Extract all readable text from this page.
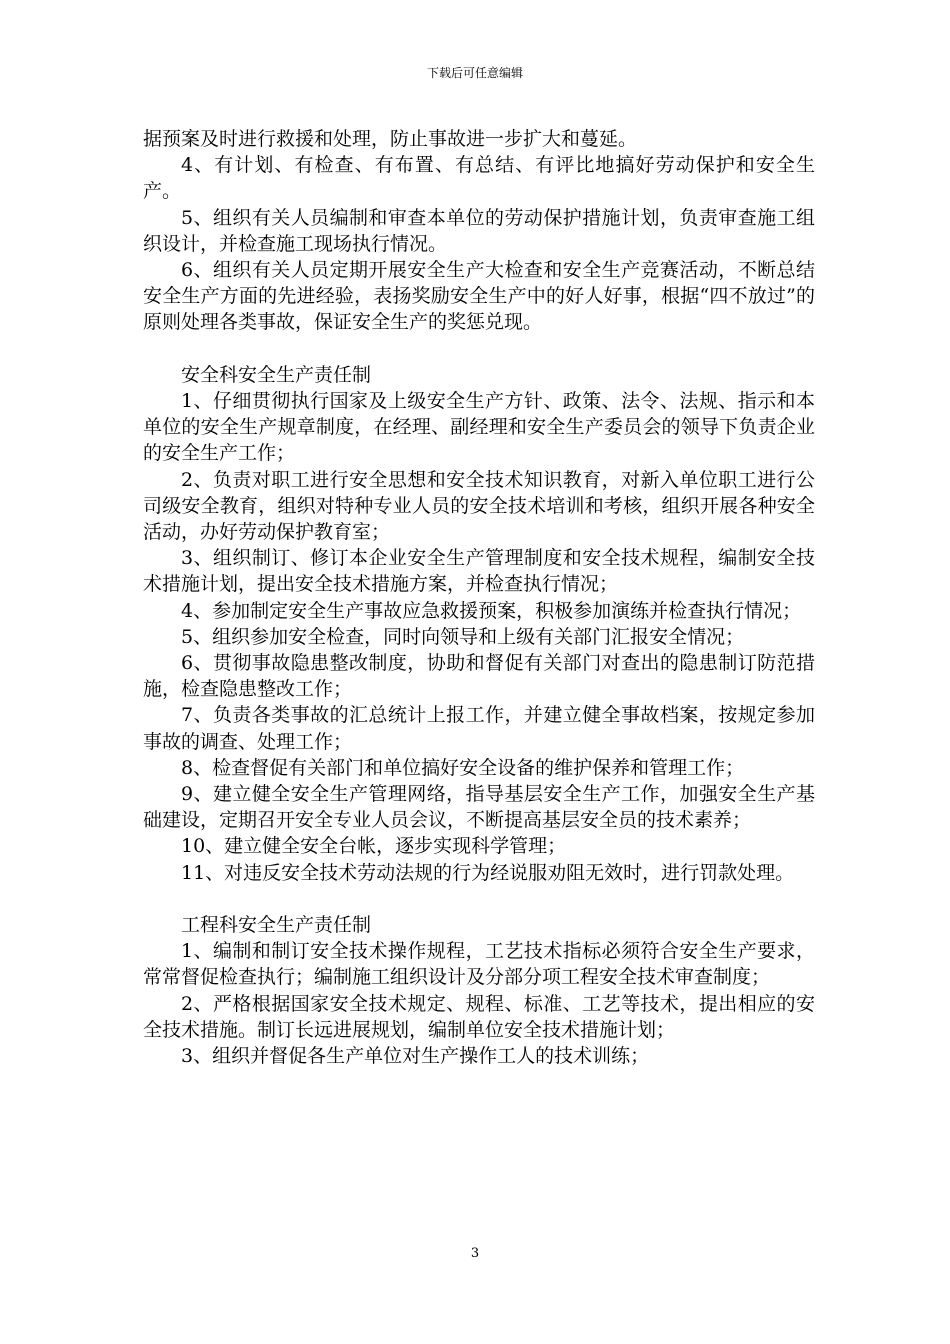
下载后可任意编辑

据预案及时进行救援和处理，防止事故进一步扩大和蔓延。

4、有计划、有检查、有布置、有总结、有评比地搞好劳动保护和安全生产。

5、组织有关人员编制和审查本单位的劳动保护措施计划，负责审查施工组织设计，并检查施工现场执行情况。

6、组织有关人员定期开展安全生产大检查和安全生产竞赛活动，不断总结安全生产方面的先进经验，表扬奖励安全生产中的好人好事，根据“四不放过”的原则处理各类事故，保证安全生产的奖惩兑现。

安全科安全生产责任制

1、仔细贯彻执行国家及上级安全生产方针、政策、法令、法规、指示和本单位的安全生产规章制度，在经理、副经理和安全生产委员会的领导下负责企业的安全生产工作；

2、负责对职工进行安全思想和安全技术知识教育，对新入单位职工进行公司级安全教育，组织对特种专业人员的安全技术培训和考核，组织开展各种安全活动，办好劳动保护教育室；

3、组织制订、修订本企业安全生产管理制度和安全技术规程，编制安全技术措施计划，提出安全技术措施方案，并检查执行情况；

4、参加制定安全生产事故应急救援预案，积极参加演练并检查执行情况；

5、组织参加安全检查，同时向领导和上级有关部门汇报安全情况；

6、贯彻事故隐患整改制度，协助和督促有关部门对查出的隐患制订防范措施，检查隐患整改工作；

7、负责各类事故的汇总统计上报工作，并建立健全事故档案，按规定参加事故的调查、处理工作；

8、检查督促有关部门和单位搞好安全设备的维护保养和管理工作；

9、建立健全安全生产管理网络，指导基层安全生产工作，加强安全生产基础建设，定期召开安全专业人员会议，不断提高基层安全员的技术素养；

10、建立健全安全台帐，逐步实现科学管理；

11、对违反安全技术劳动法规的行为经说服劝阻无效时，进行罚款处理。

工程科安全生产责任制

1、编制和制订安全技术操作规程，工艺技术指标必须符合安全生产要求，常常督促检查执行；编制施工组织设计及分部分项工程安全技术审查制度；

2、严格根据国家安全技术规定、规程、标准、工艺等技术，提出相应的安全技术措施。制订长远进展规划，编制单位安全技术措施计划；

3、组织并督促各生产单位对生产操作工人的技术训练；

3
